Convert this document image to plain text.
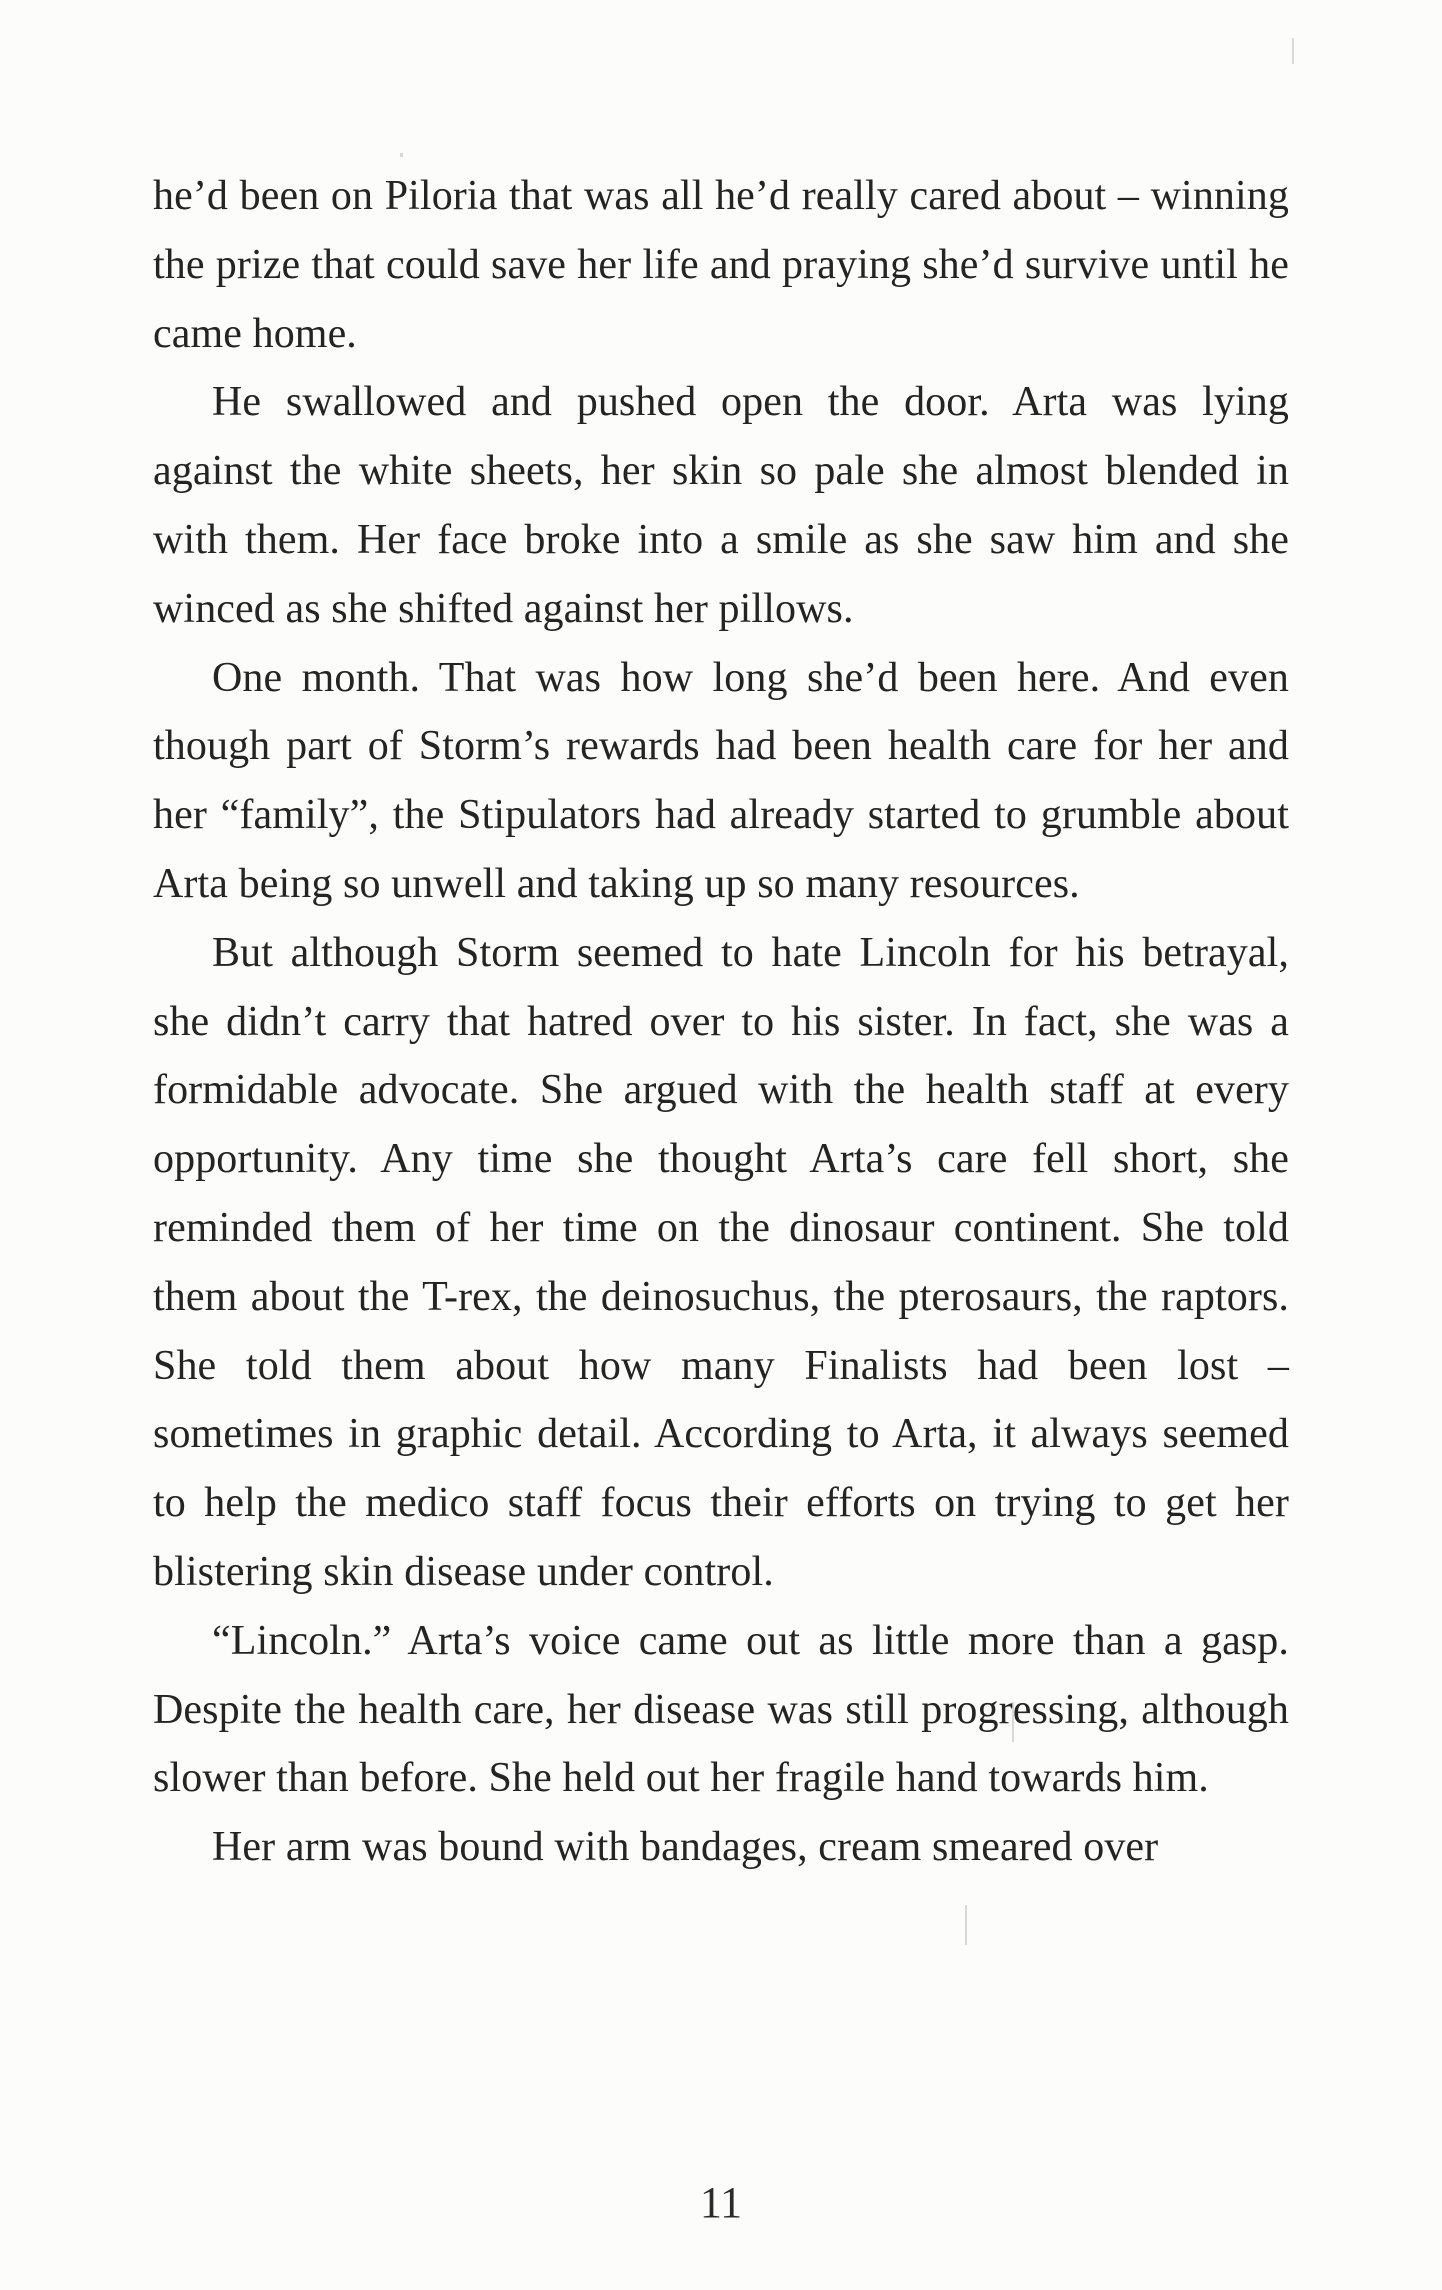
he’d been on Piloria that was all he’d really cared about – winning the prize that could save her life and praying she’d survive until he came home.

He swallowed and pushed open the door. Arta was lying against the white sheets, her skin so pale she almost blended in with them. Her face broke into a smile as she saw him and she winced as she shifted against her pillows.

One month. That was how long she’d been here. And even though part of Storm’s rewards had been health care for her and her “family”, the Stipulators had already started to grumble about Arta being so unwell and taking up so many resources.

But although Storm seemed to hate Lincoln for his betrayal, she didn’t carry that hatred over to his sister. In fact, she was a formidable advocate. She argued with the health staff at every opportunity. Any time she thought Arta’s care fell short, she reminded them of her time on the dinosaur continent. She told them about the T-rex, the deinosuchus, the pterosaurs, the raptors. She told them about how many Finalists had been lost – sometimes in graphic detail. According to Arta, it always seemed to help the medico staff focus their efforts on trying to get her blistering skin disease under control.

“Lincoln.” Arta’s voice came out as little more than a gasp. Despite the health care, her disease was still progressing, although slower than before. She held out her fragile hand towards him.

Her arm was bound with bandages, cream smeared over

11
